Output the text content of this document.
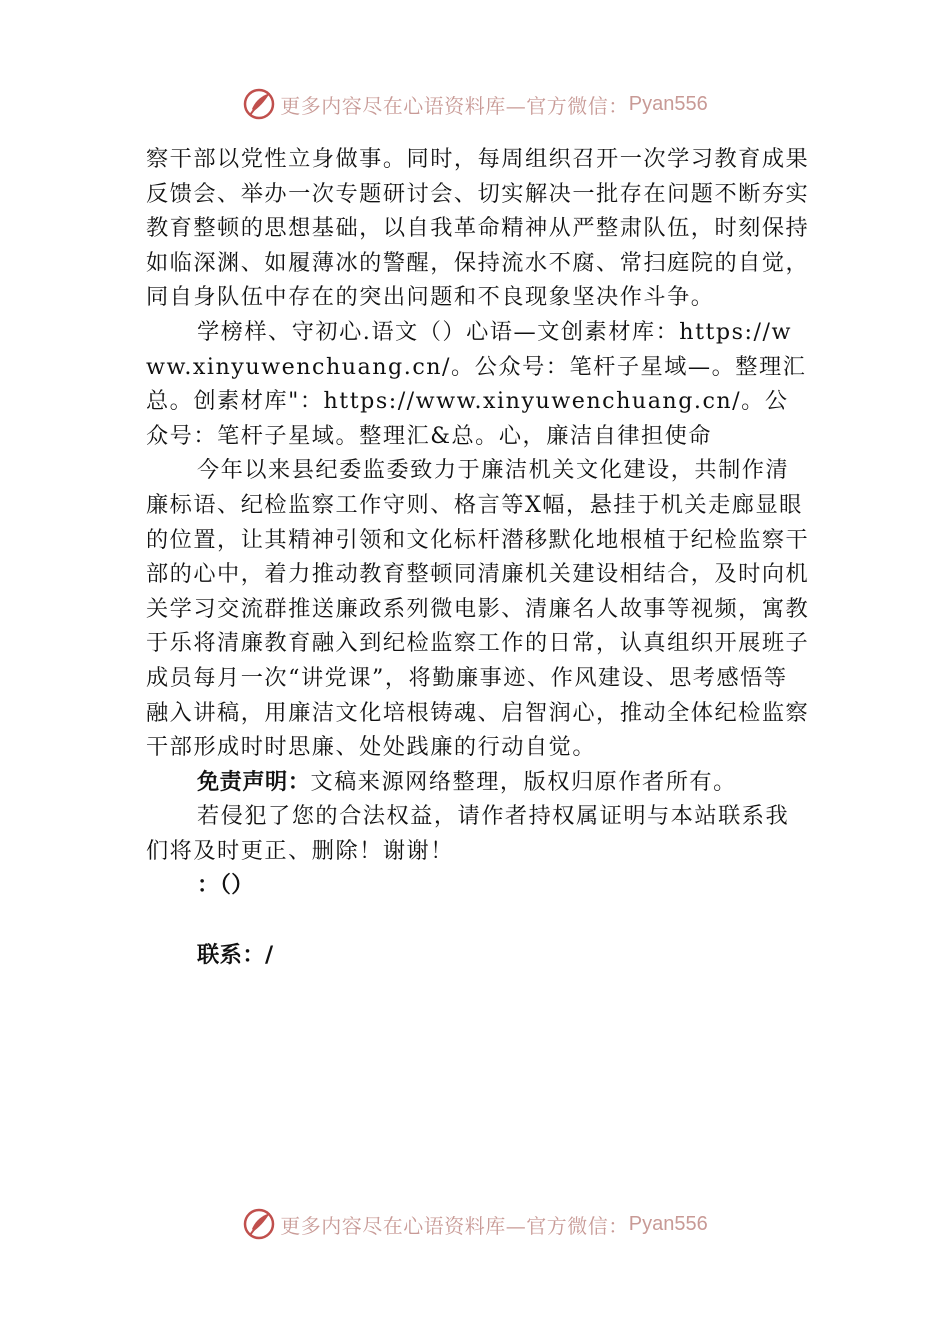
更多内容尽在心语资料库—官方微信： Pyan556

察干部以党性立身做事。同时，每周组织召开一次学习教育成果反馈会、举办一次专题研讨会、切实解决一批存在问题不断夯实教育整顿的思想基础，以自我革命精神从严整肃队伍，时刻保持如临深渊、如履薄冰的警醒，保持流水不腐、常扫庭院的自觉，同自身队伍中存在的突出问题和不良现象坚决作斗争。

学榜样、守初心.语文（）心语—文创素材库：https://www.xinyuwenchuang.cn/。公众号：笔杆子星域—。整理汇总。创素材库"：https://www.xinyuwenchuang.cn/。公众号：笔杆子星域。整理汇&总。心，廉洁自律担使命

今年以来县纪委监委致力于廉洁机关文化建设，共制作清廉标语、纪检监察工作守则、格言等X幅，悬挂于机关走廊显眼的位置，让其精神引领和文化标杆潜移默化地根植于纪检监察干部的心中，着力推动教育整顿同清廉机关建设相结合，及时向机关学习交流群推送廉政系列微电影、清廉名人故事等视频，寓教于乐将清廉教育融入到纪检监察工作的日常，认真组织开展班子成员每月一次“讲党课”，将勤廉事迹、作风建设、思考感悟等融入讲稿，用廉洁文化培根铸魂、启智润心，推动全体纪检监察干部形成时时思廉、处处践廉的行动自觉。

免责声明：文稿来源网络整理，版权归原作者所有。

若侵犯了您的合法权益，请作者持权属证明与本站联系我们将及时更正、删除！谢谢！

：（）

联系：/

更多内容尽在心语资料库—官方微信： Pyan556
